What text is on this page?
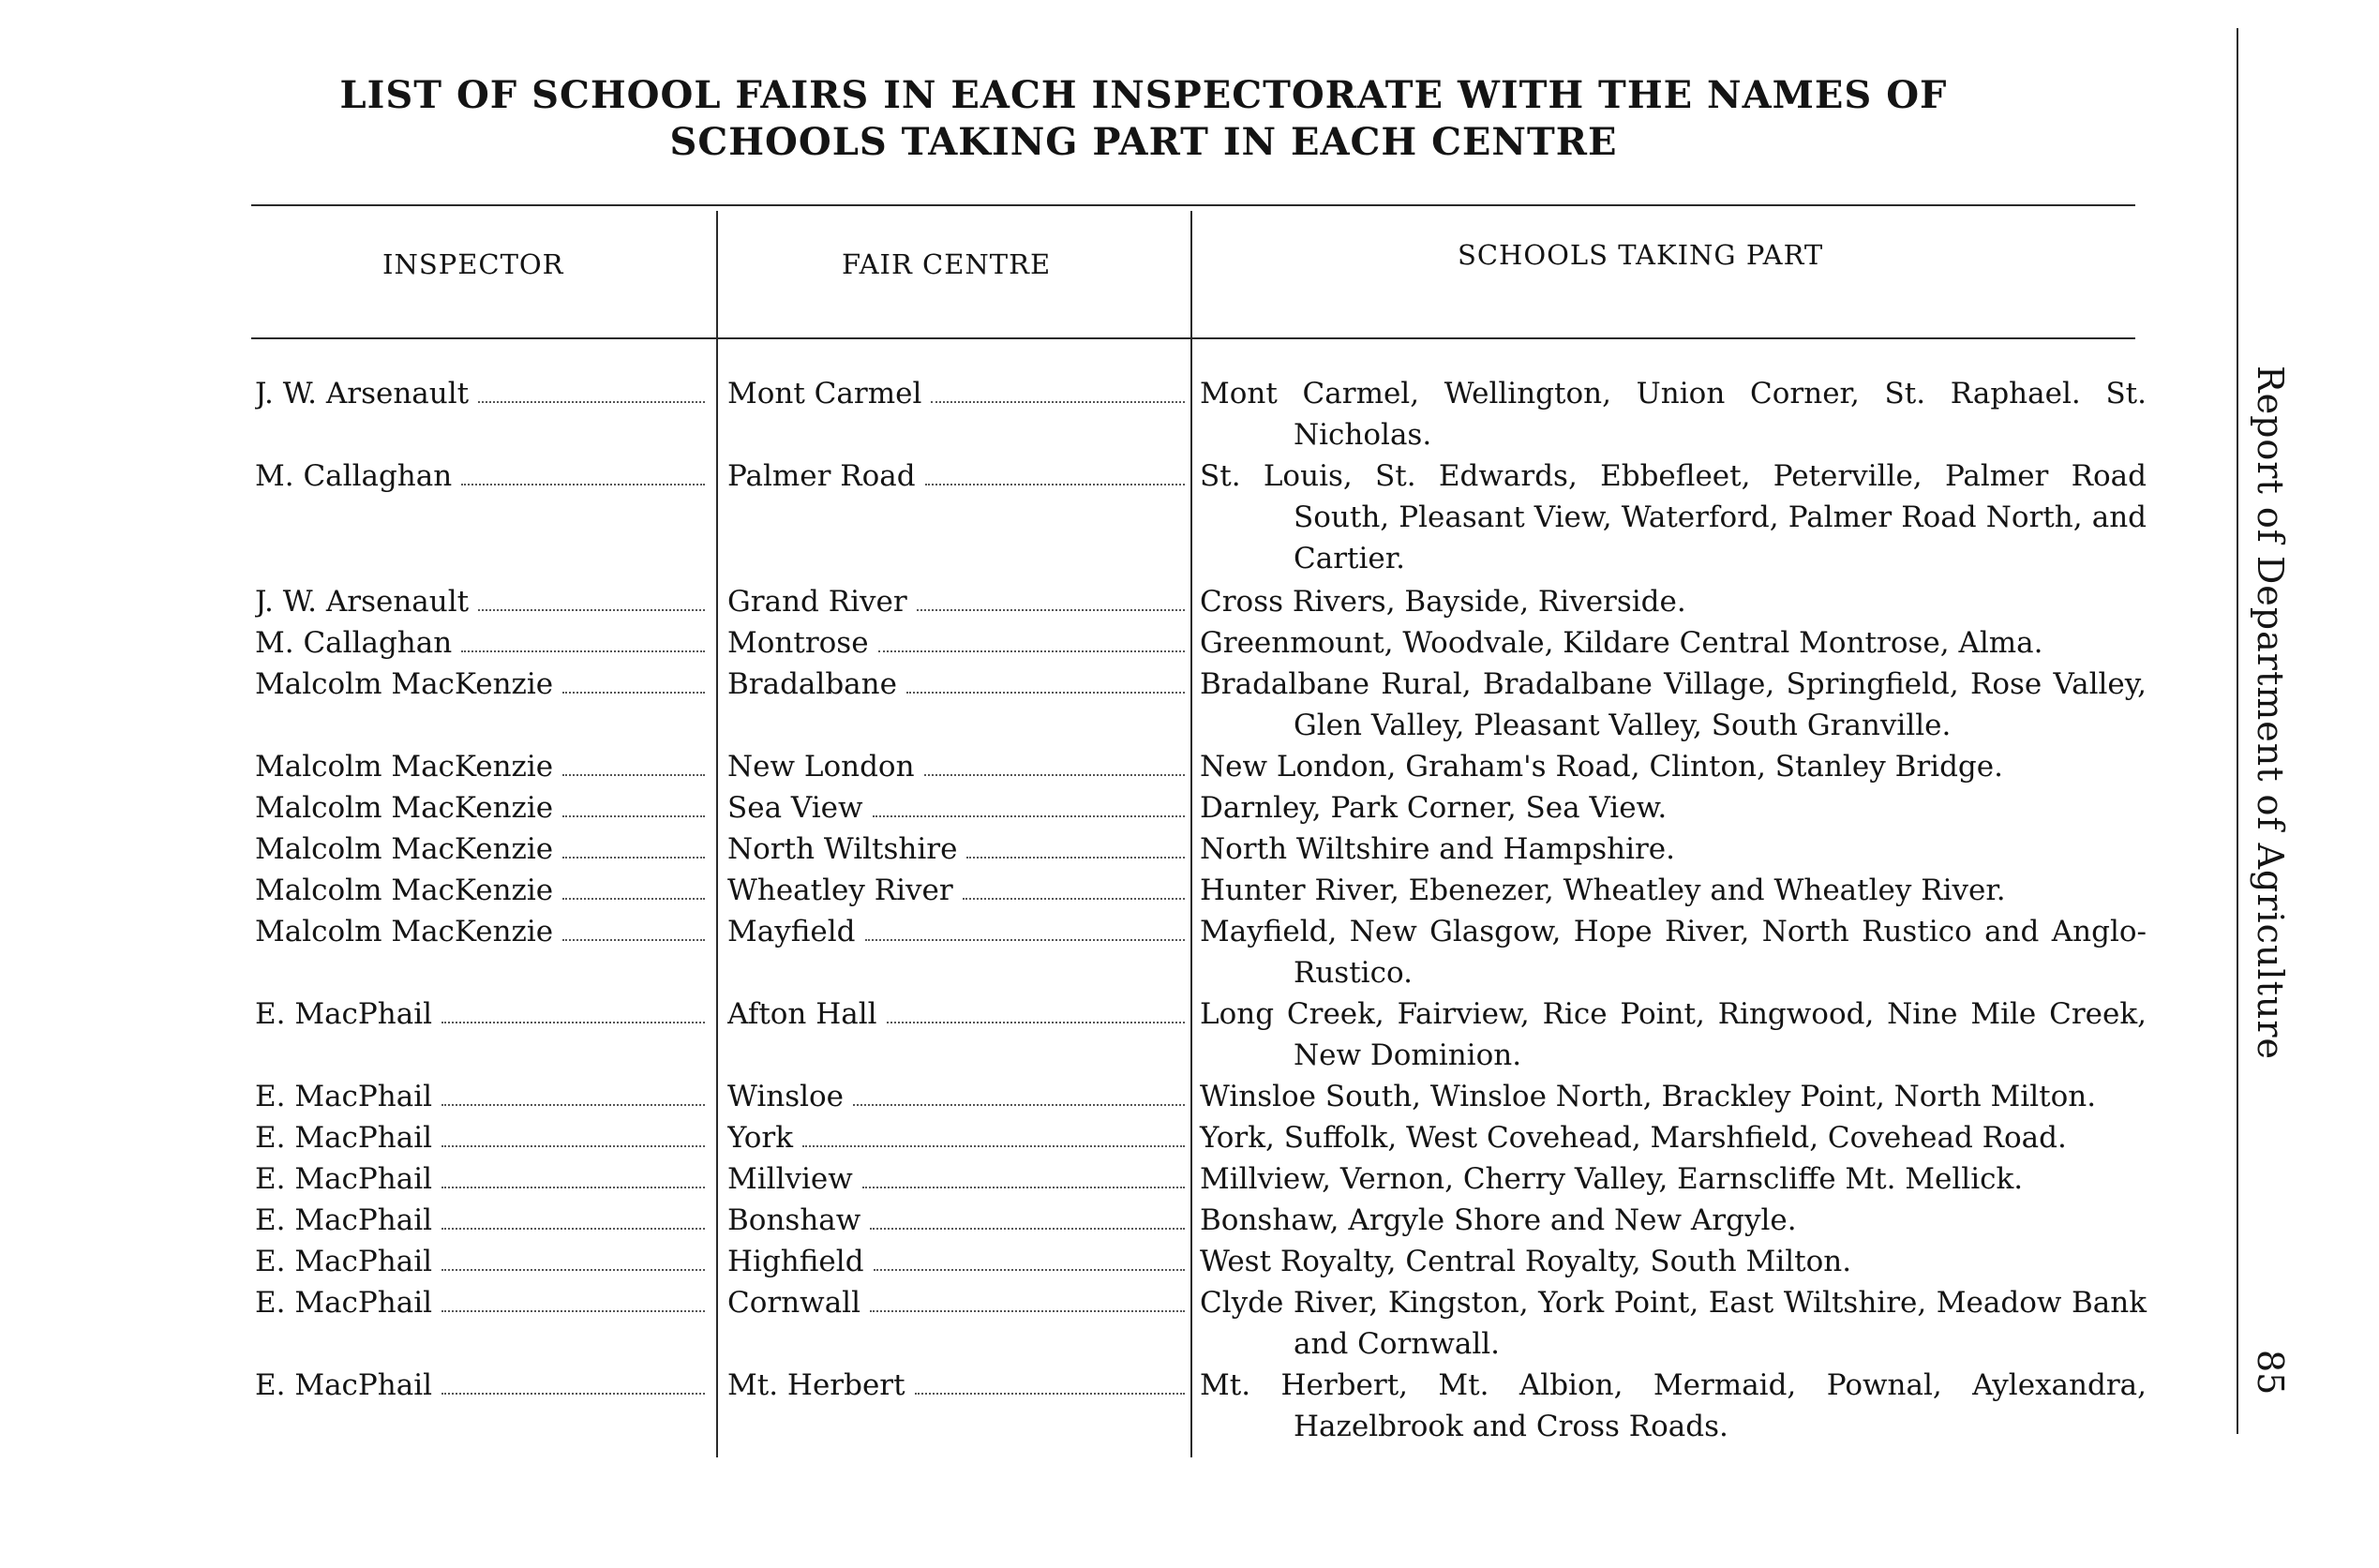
LIST OF SCHOOL FAIRS IN EACH INSPECTORATE WITH THE NAMES OF
SCHOOLS TAKING PART IN EACH CENTRE
INSPECTOR	FAIR CENTRE	SCHOOLS TAKING PART
J. W. Arsenault	Mont Carmel	Mont Carmel, Wellington, Union Corner, St. Raphael. St. Nicholas.
M. Callaghan	Palmer Road	St. Louis, St. Edwards, Ebbefleet, Peterville, Palmer Road South, Pleasant View, Waterford, Palmer Road North, and Cartier.
J. W. Arsenault	Grand River	Cross Rivers, Bayside, Riverside.
M. Callaghan	Montrose	Greenmount, Woodvale, Kildare Central Montrose, Alma.
Malcolm MacKenzie	Bradalbane	Bradalbane Rural, Bradalbane Village, Springfield, Rose Valley, Glen Valley, Pleasant Valley, South Granville.
Malcolm MacKenzie	New London	New London, Graham's Road, Clinton, Stanley Bridge.
Malcolm MacKenzie	Sea View	Darnley, Park Corner, Sea View.
Malcolm MacKenzie	North Wiltshire	North Wiltshire and Hampshire.
Malcolm MacKenzie	Wheatley River	Hunter River, Ebenezer, Wheatley and Wheatley River.
Malcolm MacKenzie	Mayfield	Mayfield, New Glasgow, Hope River, North Rustico and Anglo-Rustico.
E. MacPhail	Afton Hall	Long Creek, Fairview, Rice Point, Ringwood, Nine Mile Creek, New Dominion.
E. MacPhail	Winsloe	Winsloe South, Winsloe North, Brackley Point, North Milton.
E. MacPhail	York	York, Suffolk, West Covehead, Marshfield, Covehead Road.
E. MacPhail	Millview	Millview, Vernon, Cherry Valley, Earnscliffe Mt. Mellick.
E. MacPhail	Bonshaw	Bonshaw, Argyle Shore and New Argyle.
E. MacPhail	Highfield	West Royalty, Central Royalty, South Milton.
E. MacPhail	Cornwall	Clyde River, Kingston, York Point, East Wiltshire, Meadow Bank and Cornwall.
E. MacPhail	Mt. Herbert	Mt. Herbert, Mt. Albion, Mermaid, Pownal, Aylexandra, Hazelbrook and Cross Roads.
Report of Department of Agriculture
85
